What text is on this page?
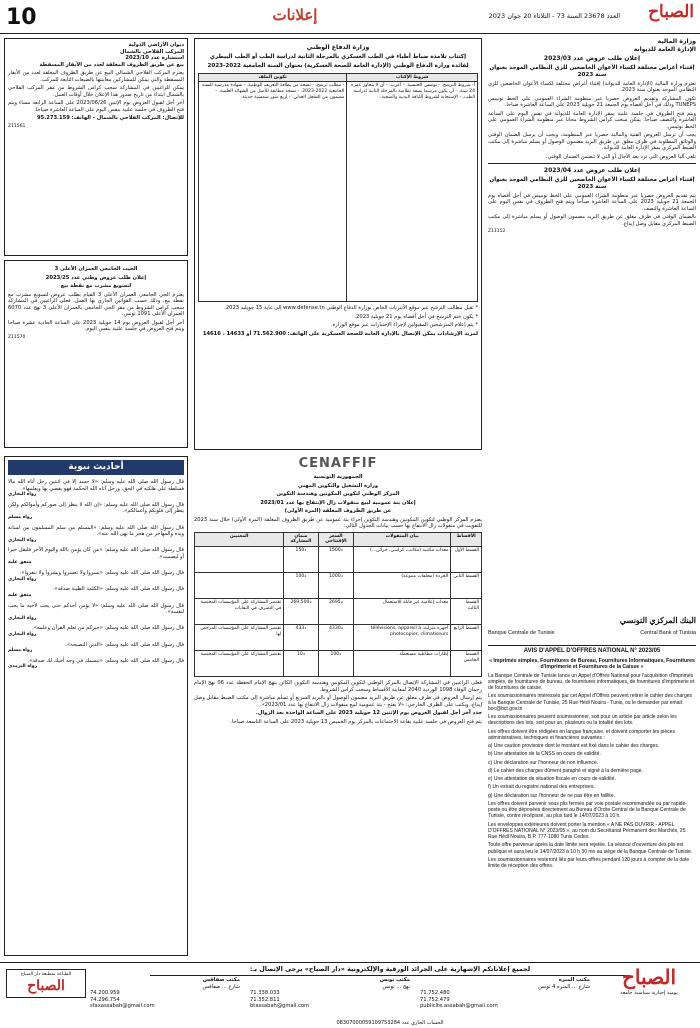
10	إعلانات	العدد 23678 السنة 73 - الثلاثاء 20 جوان 2023 الصباح
وزارة المالية
الإدارة العامة للديوانة
إعلان طلب عروض عدد 2023/03
إقتناء أغراض مختلفة لكساء الأعوان الخاضعين للزي النظامي الموحد بعنوان سنة 2023
تعتزم وزارة المالية (الإدارة العامة للديوانة) إقتناء أغراض مختلفة لكساء الأعوان الخاضعين للزي النظامي الموحد بعنوان سنة 2023.
تكون المشاركة وتقديم العروض حصريا عبر منظومة الشراء العمومي على الخط تونيبس TUNEPS وذلك في أجل أقصاه يوم الجمعة 21 جويلية 2023 على الساعة العاشرة صباحا.
ويتم فتح الظروف في جلسة علنية بمقر الإدارة العامة للديوانة في نفس اليوم على الساعة العاشرة والنصف صباحا. يمكن سحب كراس الشروط مجانا عبر منظومة الشراء العمومي على الخط تونيبس.
يجب أن ترسل العروض الفنية والمالية حصريا عبر المنظومة، ويجب أن يرسل الضمان الوقتي والوثائق المطلوبة في ظرف مغلق عن طريق البريد مضمون الوصول أو يسلم مباشرة إلى مكتب الضبط المركزي بمقر الإدارة العامة للديوانة.
تلغى آليا العروض التي ترد بعد الآجال أو التي لا تتضمن الضمان الوقتي.
إعلان طلب عروض عدد 2023/04
إقتناء أغراض مختلفة لكساء الأعوان الخاضعين للزي النظامي الموحد بعنوان سنة 2023
يتم تقديم العروض حصريا عبر منظومة الشراء العمومي على الخط تونيبس في أجل أقصاه يوم الجمعة 21 جويلية 2023 على الساعة العاشرة صباحا ويتم فتح الظروف في نفس اليوم على الساعة العاشرة والنصف.
بالضمان الوقتي في ظرف مغلق عن طريق البريد مضمون الوصول أو يسلم مباشرة إلى مكتب الضبط المركزي مقابل وصل إيداع.
Z11152
وزارة الدفاع الوطني
إكتتاب تلامذة ضباط أطباء في الطب العسكري بالمرحلة الثانية لدراسة الطب أو الطب البيطري
لفائدة وزارة الدفاع الوطني (الإدارة العامة للصحة العسكرية) بعنوان السنة الجامعية 2022-2023
شروط الإكتاب	تكوين الملف
أ- شروط الترشح: - تونسي الجنسية. - أعزب. - أن لا يتجاوز عمره 24 سنة. - أن يكون مرسما بصفة نظامية بالمرحلة الثانية لدراسة الطب. - الإستجابة لشروط اللياقة البدنية والصحية.	- مطلب ترشح. - نسخة من بطاقة التعريف الوطنية. - شهادة مدرسية للسنة الجامعية 2022-2023. - نسخة مطابقة للأصل من الشهائد العلمية. - مضمون من السجل العدلي. - أربع صور شمسية حديثة.
* تقبل مطالب الترشح عبر موقع الأنترنات الخاص بوزارة الدفاع الوطني www.defense.tn إلى غاية 15 جويلية 2023.
* يكون ختم الترشح في أجل أقصاه يوم 21 جويلية 2023.
* يتم إعلام المترشحين المقبولين لإجراء الإختبارات عبر موقع الوزارة.
لمزيد الإرشادات يمكن الإتصال بالإدارة العامة للصحة العسكرية على الهاتف: 71.562.900 أو 14633 ، 14616
ديوان الأراضي الدولية
المركب الفلاحي بالشمال
استشارة عدد 2023/10
بيع عن طريق الظروف المغلقة لعدد من الأبقار المسقطة
يعتزم المركب الفلاحي الشمالي البيع عن طريق الظروف المغلقة لعدد من الأبقار المسقطة والتي يمكن للمشاركين معاينتها بالضيعات التابعة للمركب.
يمكن للراغبين في المشاركة سحب كراس الشروط من مقر المركب الفلاحي بالشمال ابتداء من تاريخ صدور هذا الإعلان خلال أوقات العمل.
آخر أجل لقبول العروض يوم الإثنين 2023/06/26 على الساعة الرابعة مساء ويتم فتح الظروف في جلسة علنية بنفس اليوم على الساعة العاشرة صباحا.
للإتصال: المركب الفلاحي بالشمال - الهاتف: 95.273.159
Z11561
الحيث الجامعي العمران الأعلى 3
إعلان طلب عروض وطني عدد 2023/25
لتسويغ مشرب مع نقطة بيع
يعتزم الحي الجامعي العمران الأعلى 3 القيام بطلب عروض لتسويغ مشرب مع نقطة بيع، وذلك حسب القوانين الجاري بها العمل. فعلى الراغبين في المشاركة سحب كراس الشروط من مقر الحي الجامعي بالعمران الأعلى 3 نهج عدد 6070 العمران الأعلى 1091 تونس.
آخر أجل لقبول العروض يوم 14 جويلية 2023 على الساعة الحادية عشرة صباحا ويتم فتح العروض في جلسة علنية بنفس اليوم.
Z11570
أحاديث نبوية
قال رسول الله صلى الله عليه وسلم: «لا حسد إلا في اثنتين رجل آتاه الله مالا فسلطه على هلكته في الحق، ورجل آتاه الله الحكمة فهو يقضي بها ويعلمها».
رواه البخاري
قال رسول الله صلى الله عليه وسلم: «إن الله لا ينظر إلى صوركم وأموالكم ولكن ينظر إلى قلوبكم وأعمالكم».
رواه مسلم
قال رسول الله صلى الله عليه وسلم: «المسلم من سلم المسلمون من لسانه ويده والمهاجر من هجر ما نهى الله عنه».
رواه البخاري
قال رسول الله صلى الله عليه وسلم: «من كان يؤمن بالله واليوم الآخر فليقل خيرا أو ليصمت».
متفق عليه
قال رسول الله صلى الله عليه وسلم: «يسروا ولا تعسروا وبشروا ولا تنفروا».
رواه البخاري
قال رسول الله صلى الله عليه وسلم: «الكلمة الطيبة صدقة».
متفق عليه
قال رسول الله صلى الله عليه وسلم: «لا يؤمن أحدكم حتى يحب لأخيه ما يحب لنفسه».
رواه البخاري
قال رسول الله صلى الله عليه وسلم: «خيركم من تعلم القرآن وعلمه».
رواه البخاري
قال رسول الله صلى الله عليه وسلم: «الدين النصيحة».
رواه مسلم
قال رسول الله صلى الله عليه وسلم: «تبسمك في وجه أخيك لك صدقة».
رواه الترمذي
CENAFFIF
الجمهورية التونسية
وزارة التشغيل والتكوين المهني
المركز الوطني لتكوين المكونين وهندسة التكوين
إعلان بتة عمومية لبيع منقولات زال الإنتفاع بها عدد 2023/01
عن طريق الظروف المغلقة (المرة الأولى)
يعتزم المركز الوطني لتكوين المكونين وهندسة التكوين إجراء بتة عمومية عن طريق الظروف المغلقة (المرة الأولى) خلال سنة 2023 للتفويت في منقولات زال الانتفاع بها حسب بيانات الجدول التالي:
الأقساط	بيان المنقولات	السعر الإفتتاحي	ضمان المشاركة	المعنيين
القسط الأول	معدات مكتبية (مكاتب، كراسي، خزائن...)	1500د	150د	
القسط الثاني	الخردة (مخلفات متنوعة)	1000د	100د	
القسط الثالث	معدات إعلامية غير قابلة للاستعمال	2695د	269.500د	تقتصر المشاركة على المؤسسات المختصة في التصرف في النفايات
القسط الرابع	أجهزة منزلية: télévisions, appareil à photocopier, climatiseurs	4330د	433د	تقتصر المشاركة على المؤسسات المرخص لها
القسط الخامس	إطارات مطاطية مستعملة	100د	10د	تقتصر المشاركة على المؤسسات المختصة
فعلى الراغبين في المشاركة الإتصال بالمركز الوطني لتكوين المكونين وهندسة التكوين الكائن بنهج الإمام الحفظة عدد 06 نهج الإمام رحمان الوفاء 1098 الوردية 2040 لمعاينة الأقساط وسحب كراس الشروط.
يتم إرسال العروض في ظرف مغلق عن طريق البريد مضمون الوصول أو بالبريد السريع أو تسلم مباشرة إلى مكتب الضبط مقابل وصل إيداع، ويكتب على الظرف الخارجي: «لا يفتح - بتة عمومية لبيع منقولات زال الانتفاع بها عدد 2023/01».
حدد آخر أجل لقبول العروض يوم الإثنين 12 جويلية 2023 على الساعة الواحدة بعد الزوال.
يتم فتح العروض في جلسة علنية بقاعة الاجتماعات بالمركز يوم الخميس 13 جويلية 2023 على الساعة التاسعة صباحا.
البنك المركزي التونسي
Banque Centrale de Tunisie	Central Bank of Tunisia
AVIS D'APPEL D'OFFRES NATIONAL N° 2023/05
« Imprimés simples, Fournitures de Bureau, Fournitures Informatiques, Fournitures d'Imprimerie et Fournitures de la Caisse »
La Banque Centrale de Tunisie lance un Appel d'Offres National pour l'acquisition d'imprimés simples, de fournitures de bureau, de fournitures informatiques, de fournitures d'imprimerie et de fournitures de caisse.
Les soumissionnaires intéressés par cet Appel d'Offres peuvent retirer le cahier des charges à la Banque Centrale de Tunisie, 25 Rue Hédi Nouira - Tunis, ou le demander par email: boc@bct.gov.tn
Les soumissionnaires peuvent soumissionner, soit pour un article par article selon les descriptions des lots, soit pour un, plusieurs ou la totalité des lots.
Les offres doivent être rédigées en langue française, et doivent comporter les pièces administratives, techniques et financières suivantes :
a) Une caution provisoire dont le montant est fixé dans le cahier des charges.
b) Une attestation de la CNSS en cours de validité.
c) Une déclaration sur l'honneur de non influence.
d) Le cahier des charges dûment paraphé et signé à la dernière page.
e) Une attestation de situation fiscale en cours de validité.
f) Un extrait du registre national des entreprises.
g) Une déclaration sur l'honneur de ne pas être en faillite.
Les offres doivent parvenir sous plis fermés par voie postale recommandée ou par rapide-poste ou être déposées directement au Bureau d'Ordre Central de la Banque Centrale de Tunisie, contre récépissé, au plus tard le 14/07/2023 à 10 h.
Les enveloppes extérieures doivent porter la mention « A NE PAS OUVRIR - APPEL D'OFFRES NATIONAL N° 2023/05 », au nom du Secrétariat Permanent des Marchés, 25 Rue Hédi Nouira, B.P. 777-1080 Tunis Cedex.
Toute offre parvenue après la date limite sera rejetée. La séance d'ouverture des plis est publique et aura lieu le 14/07/2023 à 10 h 30 mn au siège de la Banque Centrale de Tunisie.
Les soumissionnaires resteront liés par leurs offres pendant 120 jours à compter de la date limite de réception des offres.
لجميع إعلاناتكم الإشهارية على الجرائد الورقية والإلكترونية «دار الصباح» يرجى الإتصال بـ:	الصباح
يومية إخبارية سياسية جامعة
مكتب المنزه
شارع ... المنزه 4 تونس
71.752.480
71.752.479
publicite.assabah@gmail.com
مكتب تونس
نهج ... تونس
71.338.033
71.352.811
btassabah@gmail.com
مكتب صفاقس
شارع ... صفاقس
74.200.959
74.296.754
sfaxassabah@gmail.com
الطباعة بمطبعة دار الصباح
الصباح
الحساب الجاري عدد 08307000059109753284
